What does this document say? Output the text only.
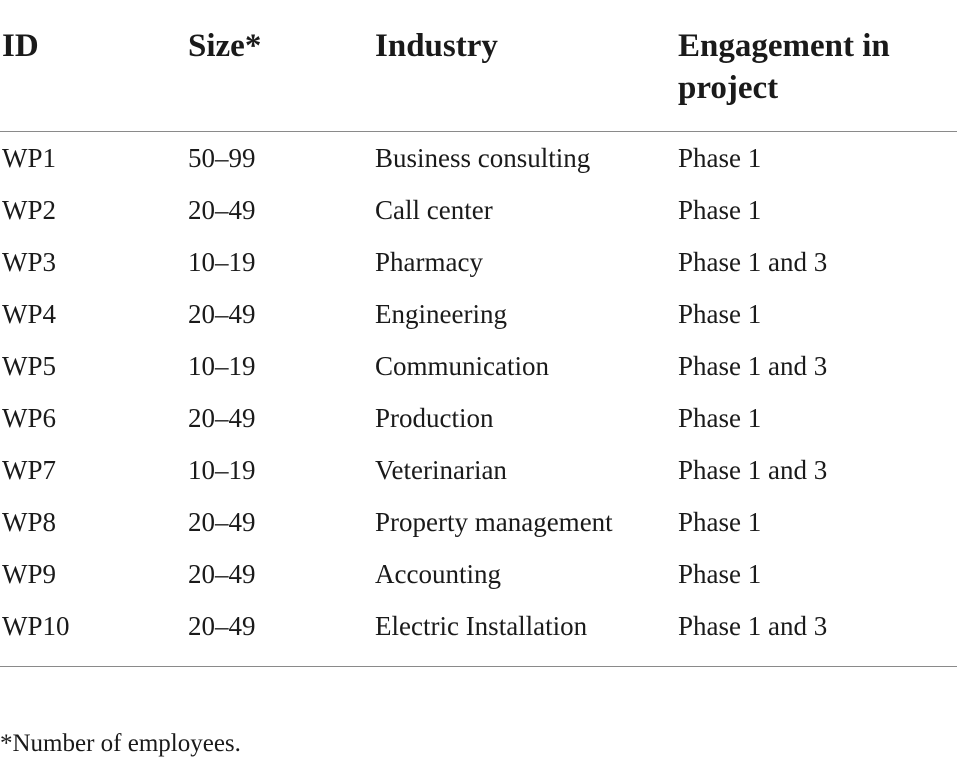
ID	Size*	Industry	Engagement in project
WP1	50–99	Business consulting	Phase 1
WP2	20–49	Call center	Phase 1
WP3	10–19	Pharmacy	Phase 1 and 3
WP4	20–49	Engineering	Phase 1
WP5	10–19	Communication	Phase 1 and 3
WP6	20–49	Production	Phase 1
WP7	10–19	Veterinarian	Phase 1 and 3
WP8	20–49	Property management	Phase 1
WP9	20–49	Accounting	Phase 1
WP10	20–49	Electric Installation	Phase 1 and 3
*Number of employees.
